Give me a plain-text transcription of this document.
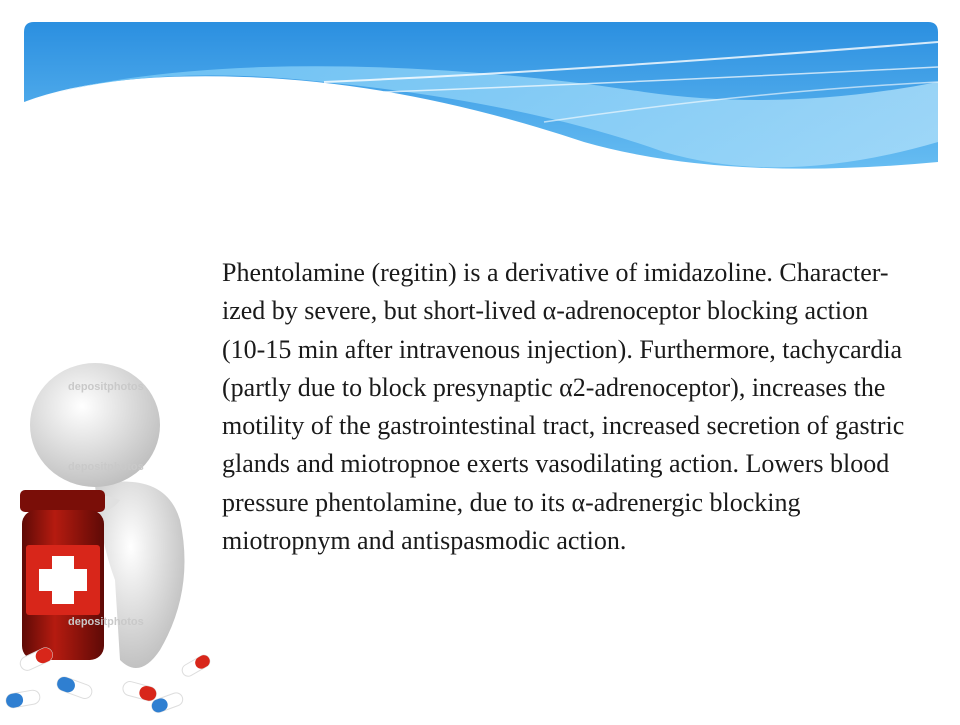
depositphotos
depositphotos
depositphotos

Phentolamine (regitin) is a derivative of imidazoline. Character-ized by severe, but short-lived α-adrenoceptor blocking action (10-15 min after intravenous injection). Furthermore, tachycardia (partly due to block presynaptic α2-adrenoceptor), increases the motility of the gastrointestinal tract, increased secretion of gastric glands and miotropnoe exerts vasodilating action. Lowers blood pressure phentolamine, due to its α-adrenergic blocking miotropnym and antispasmodic action.
